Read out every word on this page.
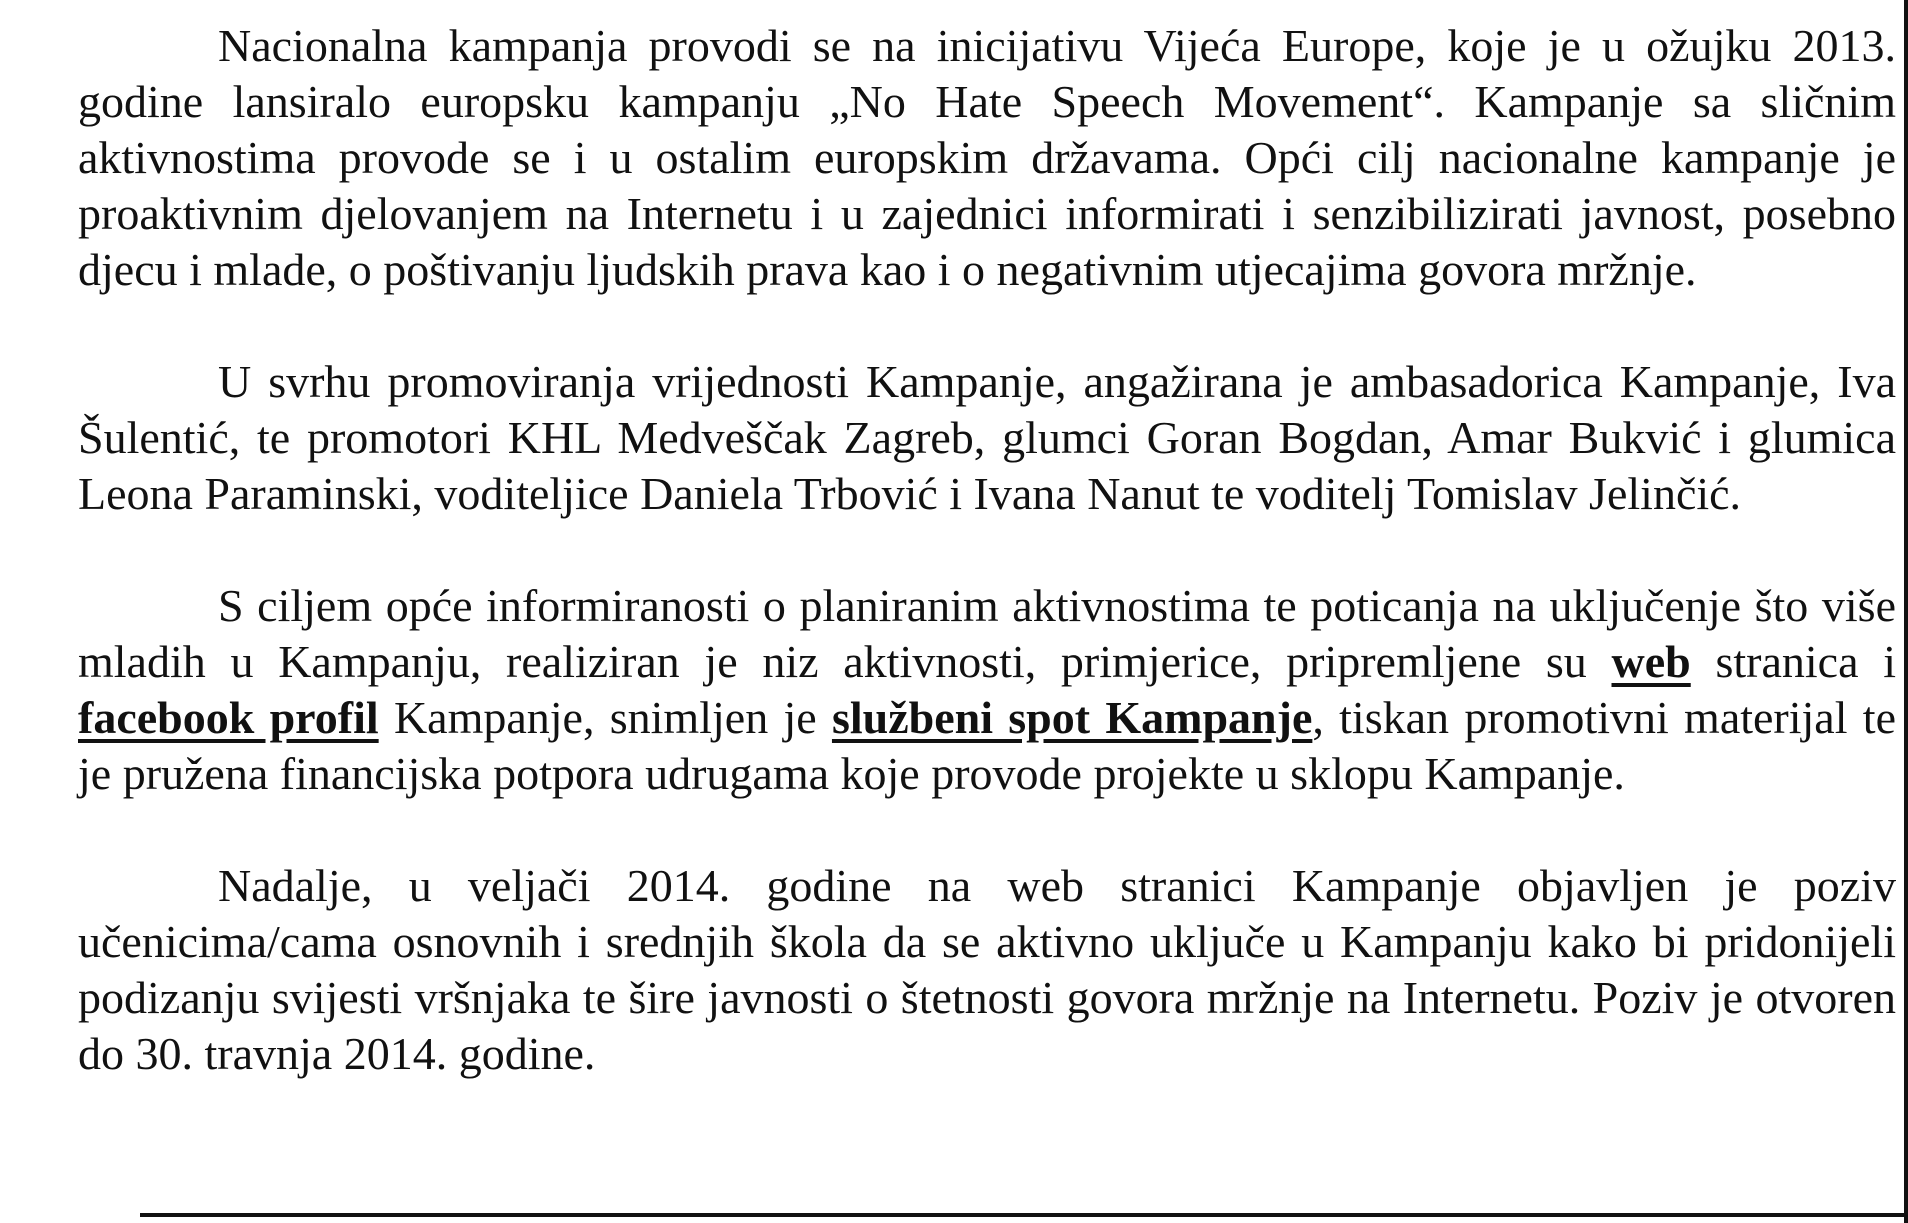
Nacionalna kampanja provodi se na inicijativu Vijeća Europe, koje je u ožujku 2013. godine lansiralo europsku kampanju „No Hate Speech Movement“. Kampanje sa sličnim aktivnostima provode se i u ostalim europskim državama. Opći cilj nacionalne kampanje je proaktivnim djelovanjem na Internetu i u zajednici informirati i senzibilizirati javnost, posebno djecu i mlade, o poštivanju ljudskih prava kao i o negativnim utjecajima govora mržnje.

U svrhu promoviranja vrijednosti Kampanje, angažirana je ambasadorica Kampanje, Iva Šulentić, te promotori KHL Medveščak Zagreb, glumci Goran Bogdan, Amar Bukvić i glumica Leona Paraminski, voditeljice Daniela Trbović i Ivana Nanut te voditelj Tomislav Jelinčić.

S ciljem opće informiranosti o planiranim aktivnostima te poticanja na uključenje što više mladih u Kampanju, realiziran je niz aktivnosti, primjerice, pripremljene su web stranica i facebook profil Kampanje, snimljen je službeni spot Kampanje, tiskan promotivni materijal te je pružena financijska potpora udrugama koje provode projekte u sklopu Kampanje.

Nadalje, u veljači 2014. godine na web stranici Kampanje objavljen je poziv učenicima/cama osnovnih i srednjih škola da se aktivno uključe u Kampanju kako bi pridonijeli podizanju svijesti vršnjaka te šire javnosti o štetnosti govora mržnje na Internetu. Poziv je otvoren do 30. travnja 2014. godine.
